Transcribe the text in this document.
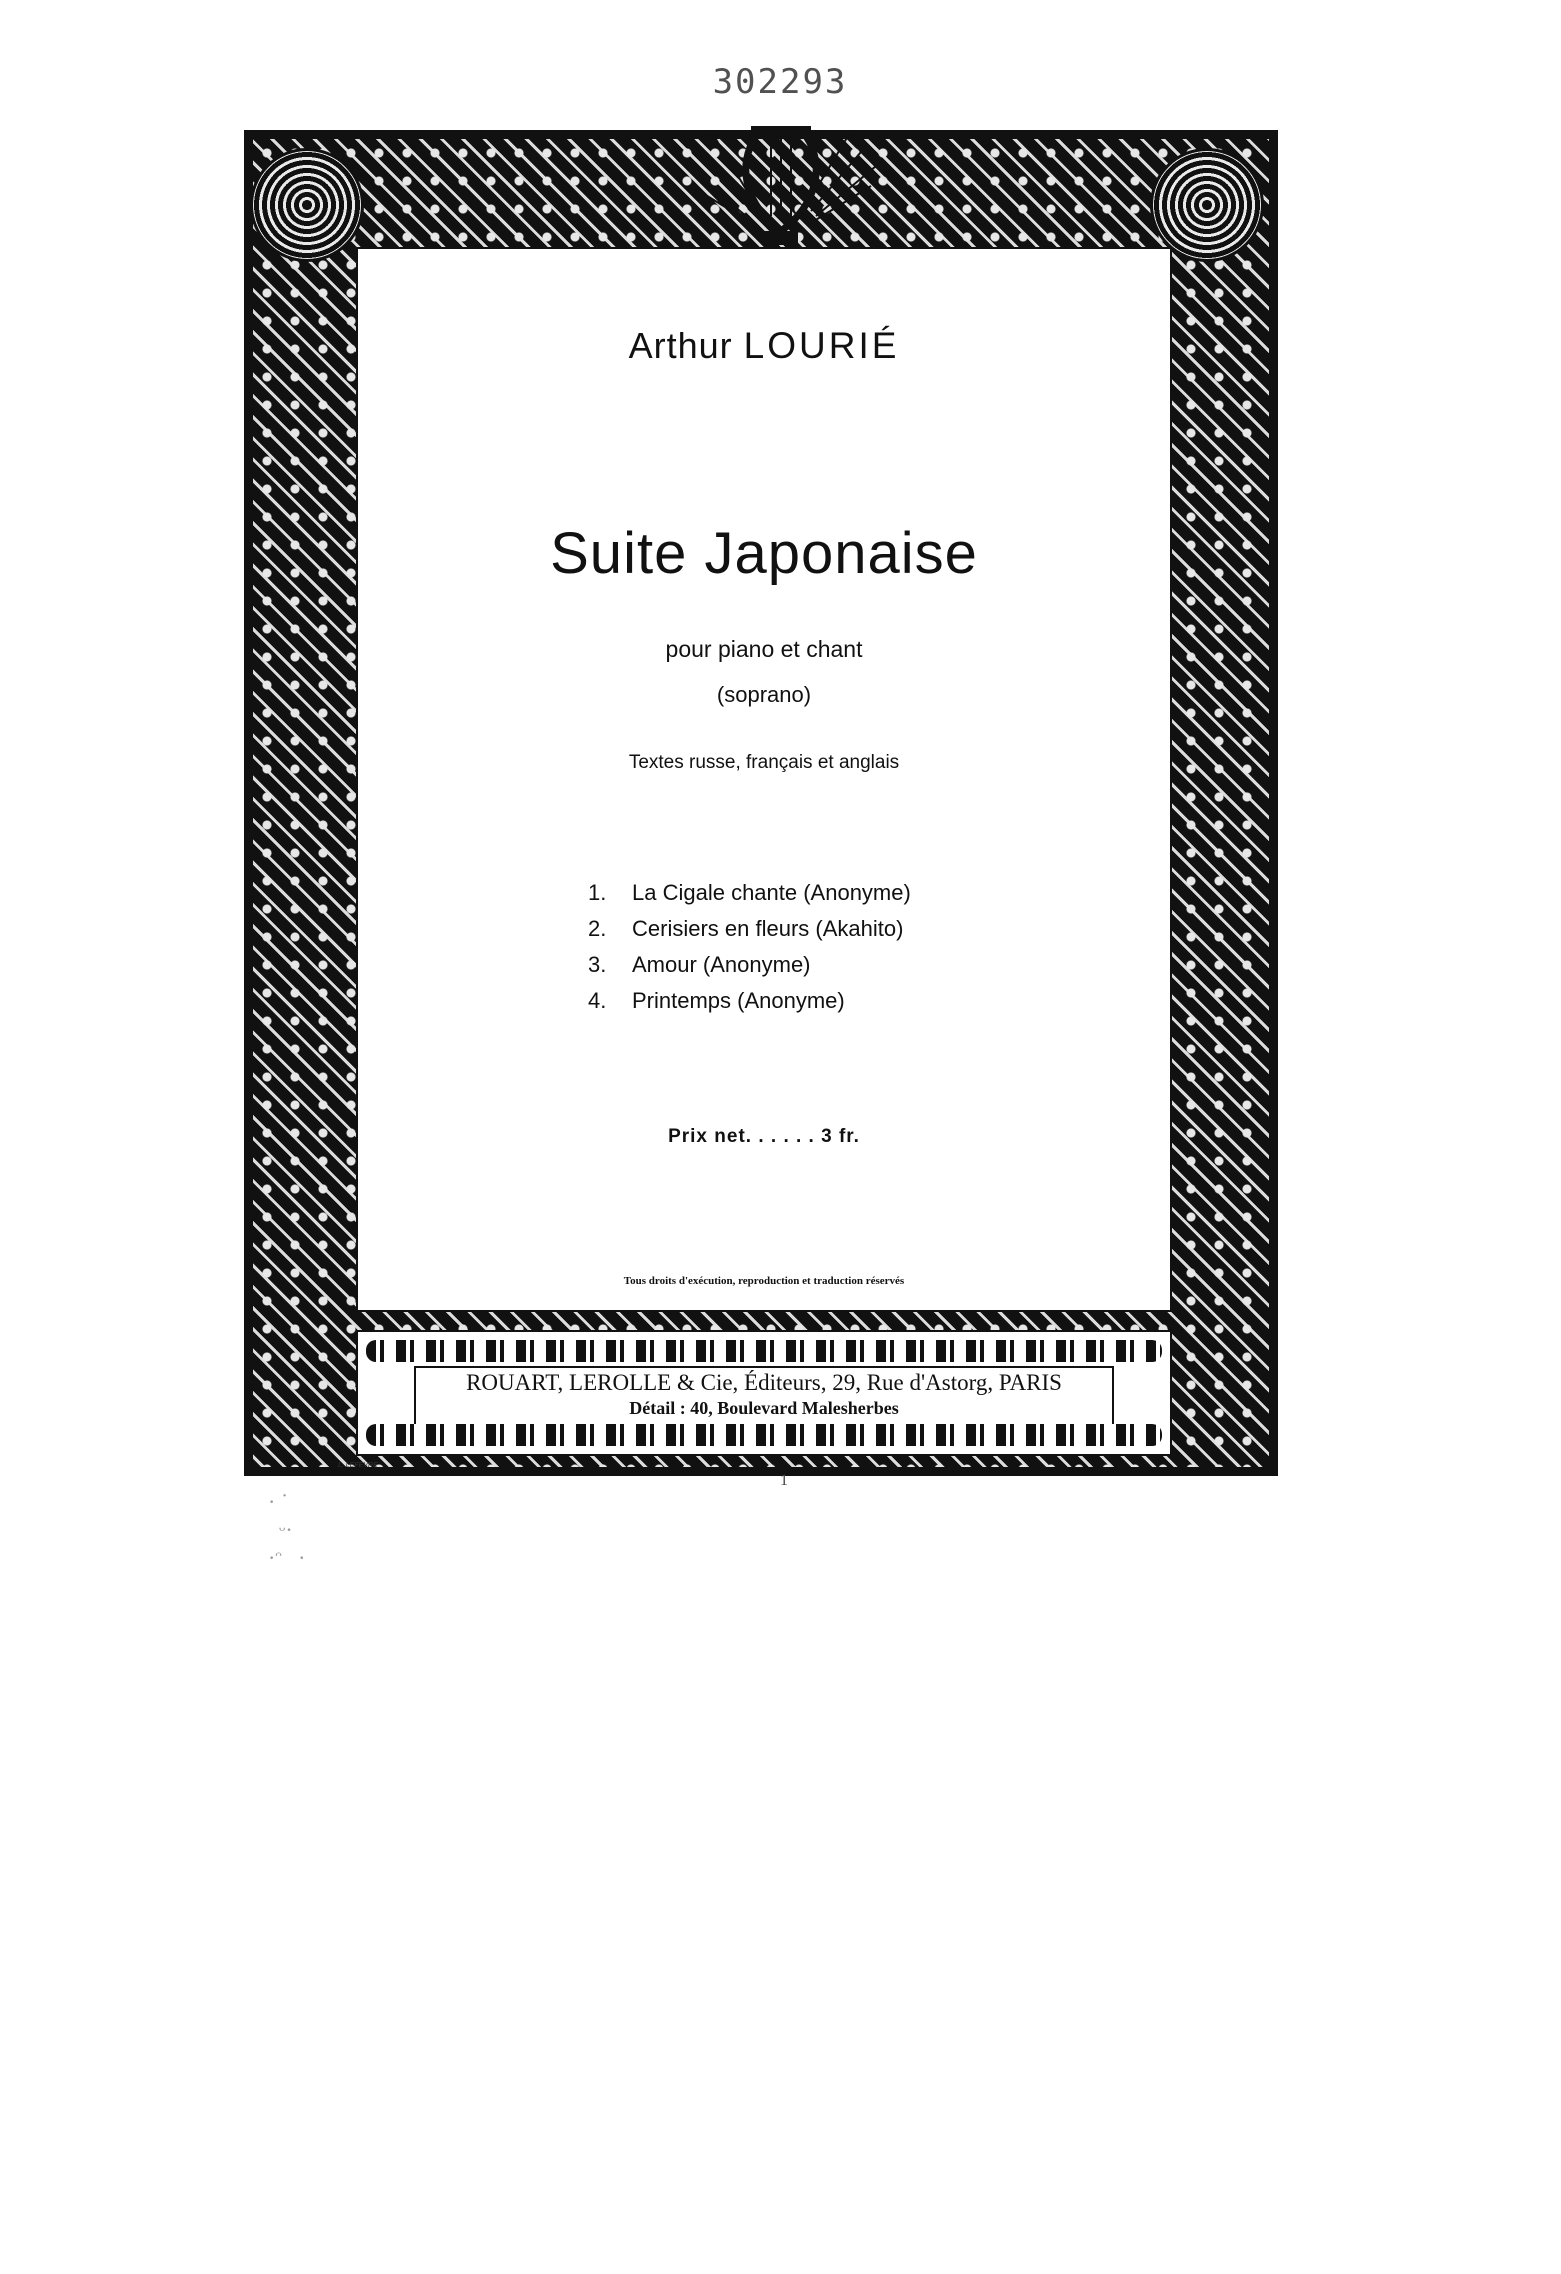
302293
Arthur LOURIÉ
Suite Japonaise
pour piano et chant
(soprano)
Textes russe, français et anglais
1. La Cigale chante (Anonyme)
2. Cerisiers en fleurs (Akahito)
3. Amour (Anonyme)
4. Printemps (Anonyme)
Prix net. . . . . . 3 fr.
Tous droits d'exécution, reproduction et traduction réservés
ROUART, LEROLLE & Cie, Éditeurs, 29, Rue d'Astorg, PARIS
Détail : 40, Boulevard Malesherbes
L. LEFEVRE
1
· ˙
ᵕ·
·ᵔ   ·
